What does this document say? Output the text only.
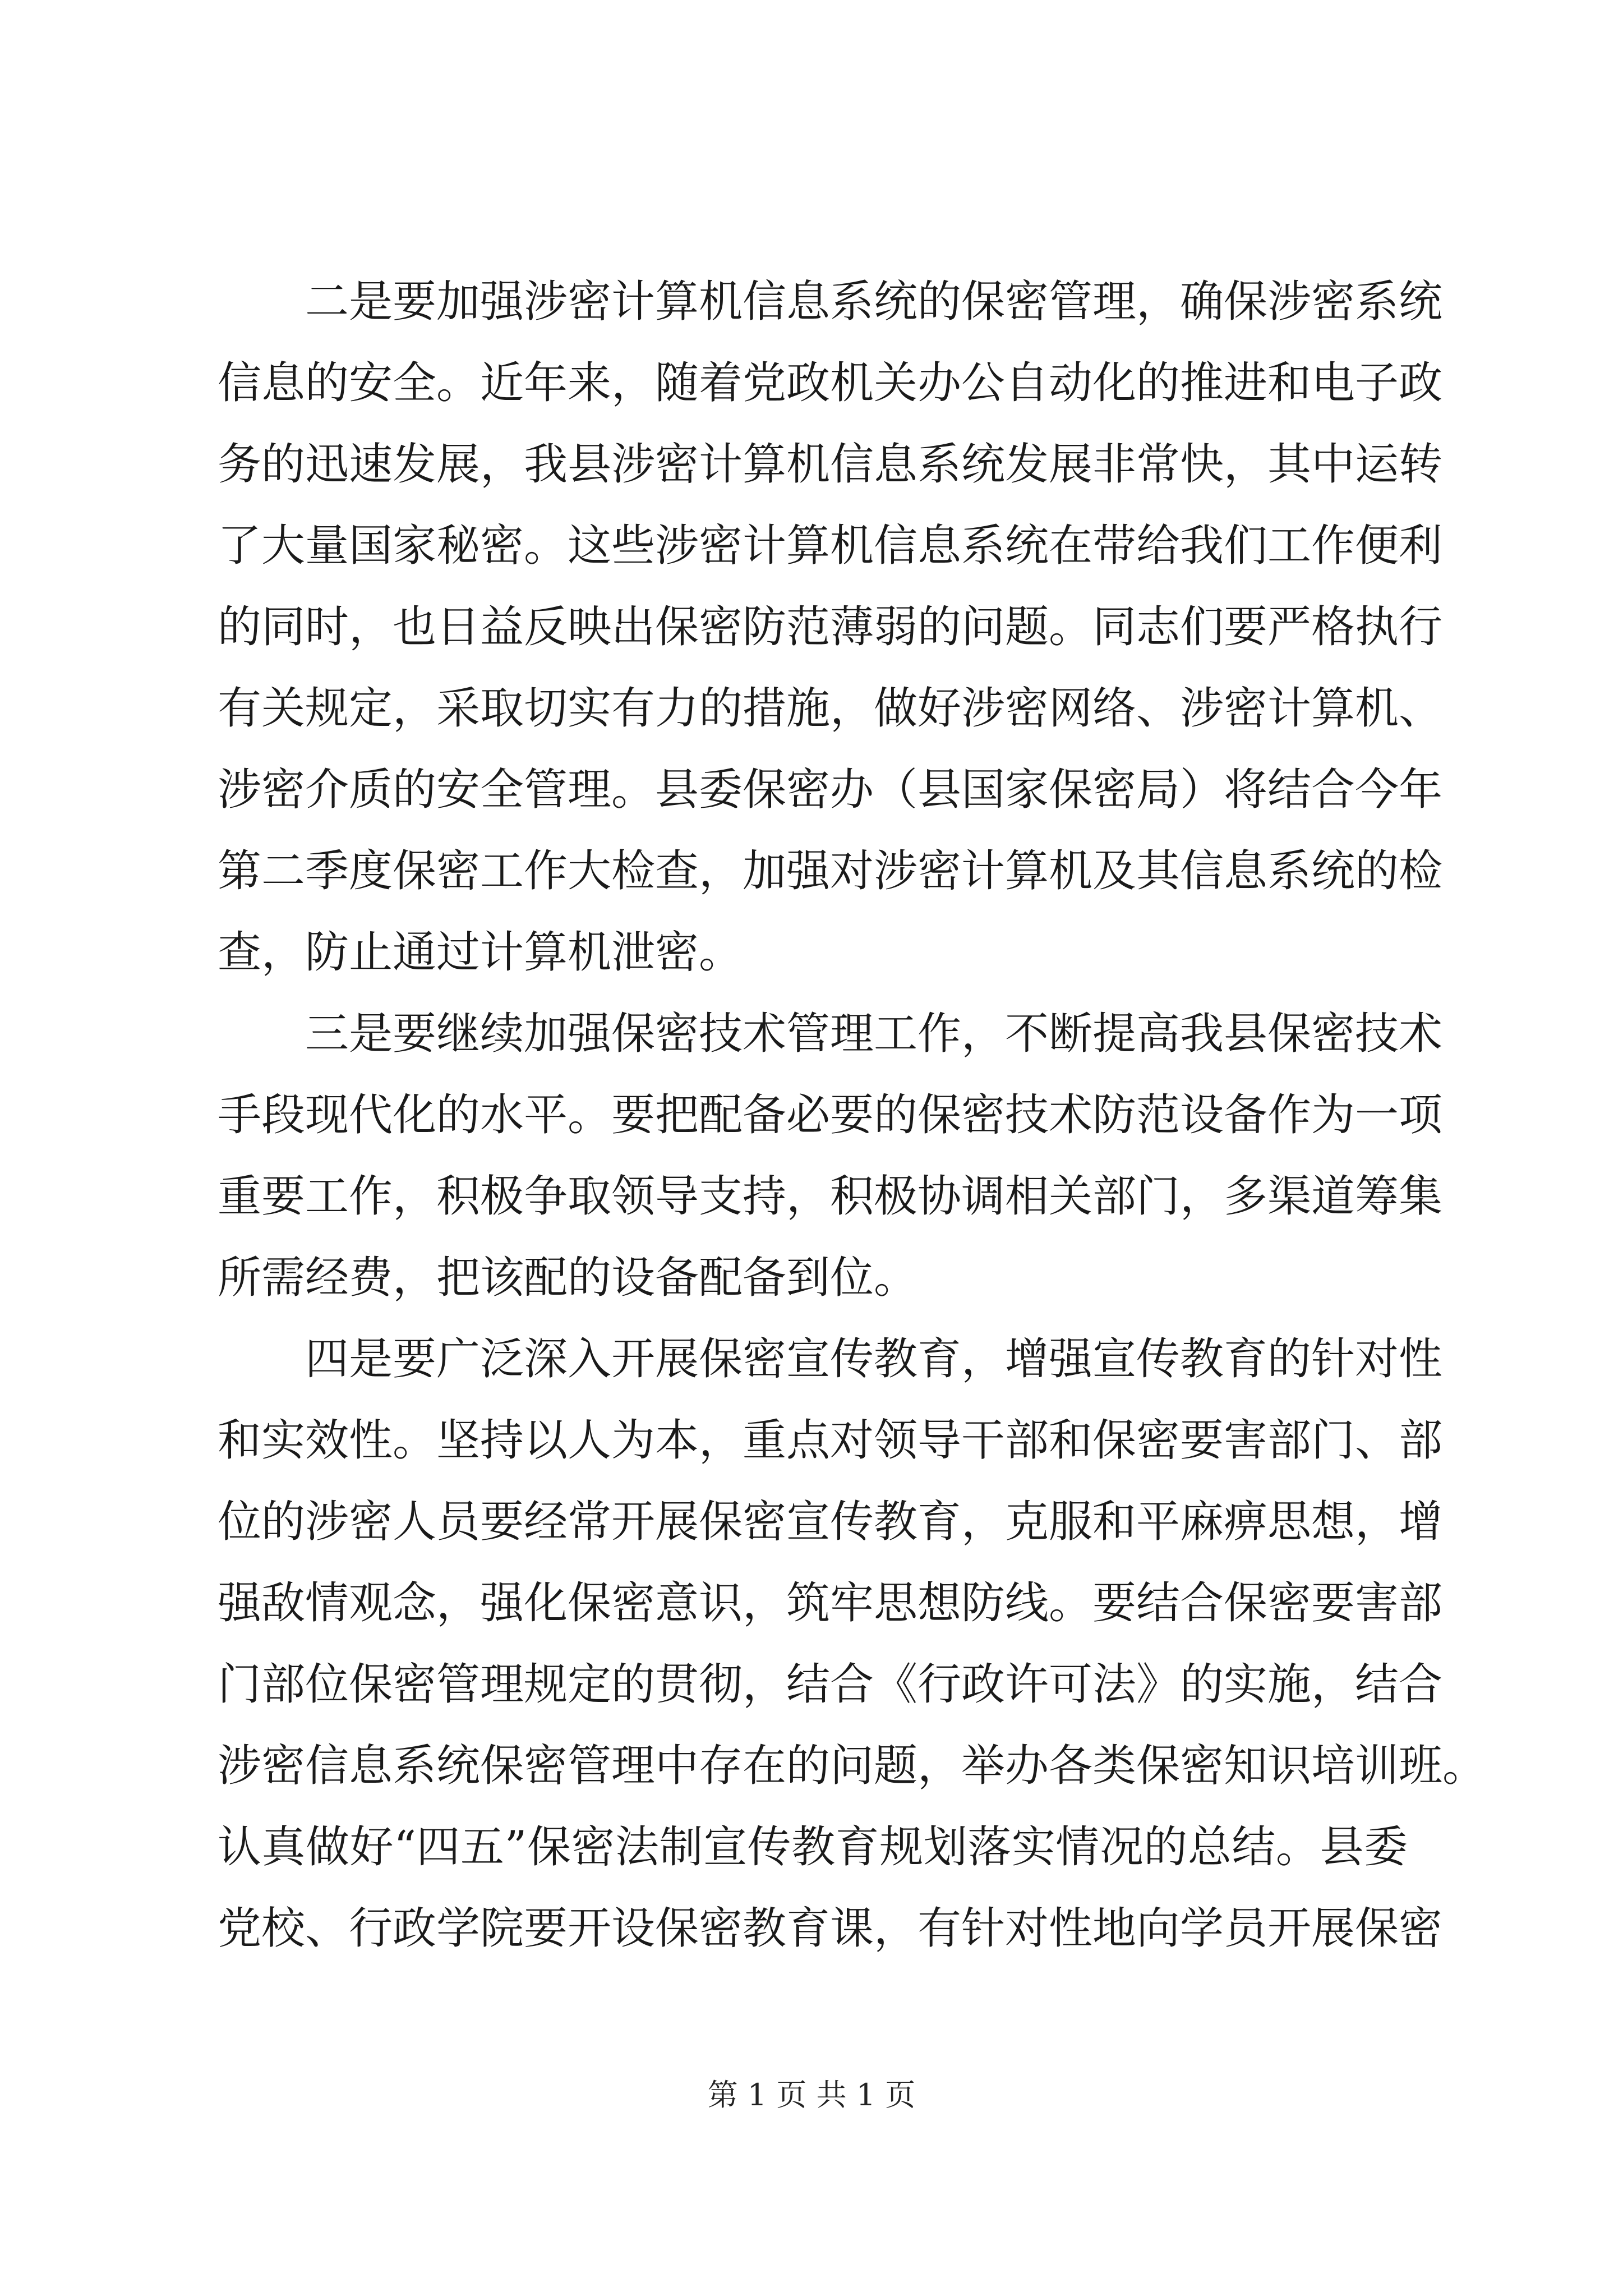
二是要加强涉密计算机信息系统的保密管理，确保涉密系统
信息的安全。近年来，随着党政机关办公自动化的推进和电子政
务的迅速发展，我县涉密计算机信息系统发展非常快，其中运转
了大量国家秘密。这些涉密计算机信息系统在带给我们工作便利
的同时，也日益反映出保密防范薄弱的问题。同志们要严格执行
有关规定，采取切实有力的措施，做好涉密网络、涉密计算机、
涉密介质的安全管理。县委保密办（县国家保密局）将结合今年
第二季度保密工作大检查，加强对涉密计算机及其信息系统的检
查，防止通过计算机泄密。
三是要继续加强保密技术管理工作，不断提高我县保密技术
手段现代化的水平。要把配备必要的保密技术防范设备作为一项
重要工作，积极争取领导支持，积极协调相关部门，多渠道筹集
所需经费，把该配的设备配备到位。
四是要广泛深入开展保密宣传教育，增强宣传教育的针对性
和实效性。坚持以人为本，重点对领导干部和保密要害部门、部
位的涉密人员要经常开展保密宣传教育，克服和平麻痹思想，增
强敌情观念，强化保密意识，筑牢思想防线。要结合保密要害部
门部位保密管理规定的贯彻，结合《行政许可法》的实施，结合
涉密信息系统保密管理中存在的问题，举办各类保密知识培训班。
认真做好“四五”保密法制宣传教育规划落实情况的总结。县委
党校、行政学院要开设保密教育课，有针对性地向学员开展保密
第 1 页 共 1 页
